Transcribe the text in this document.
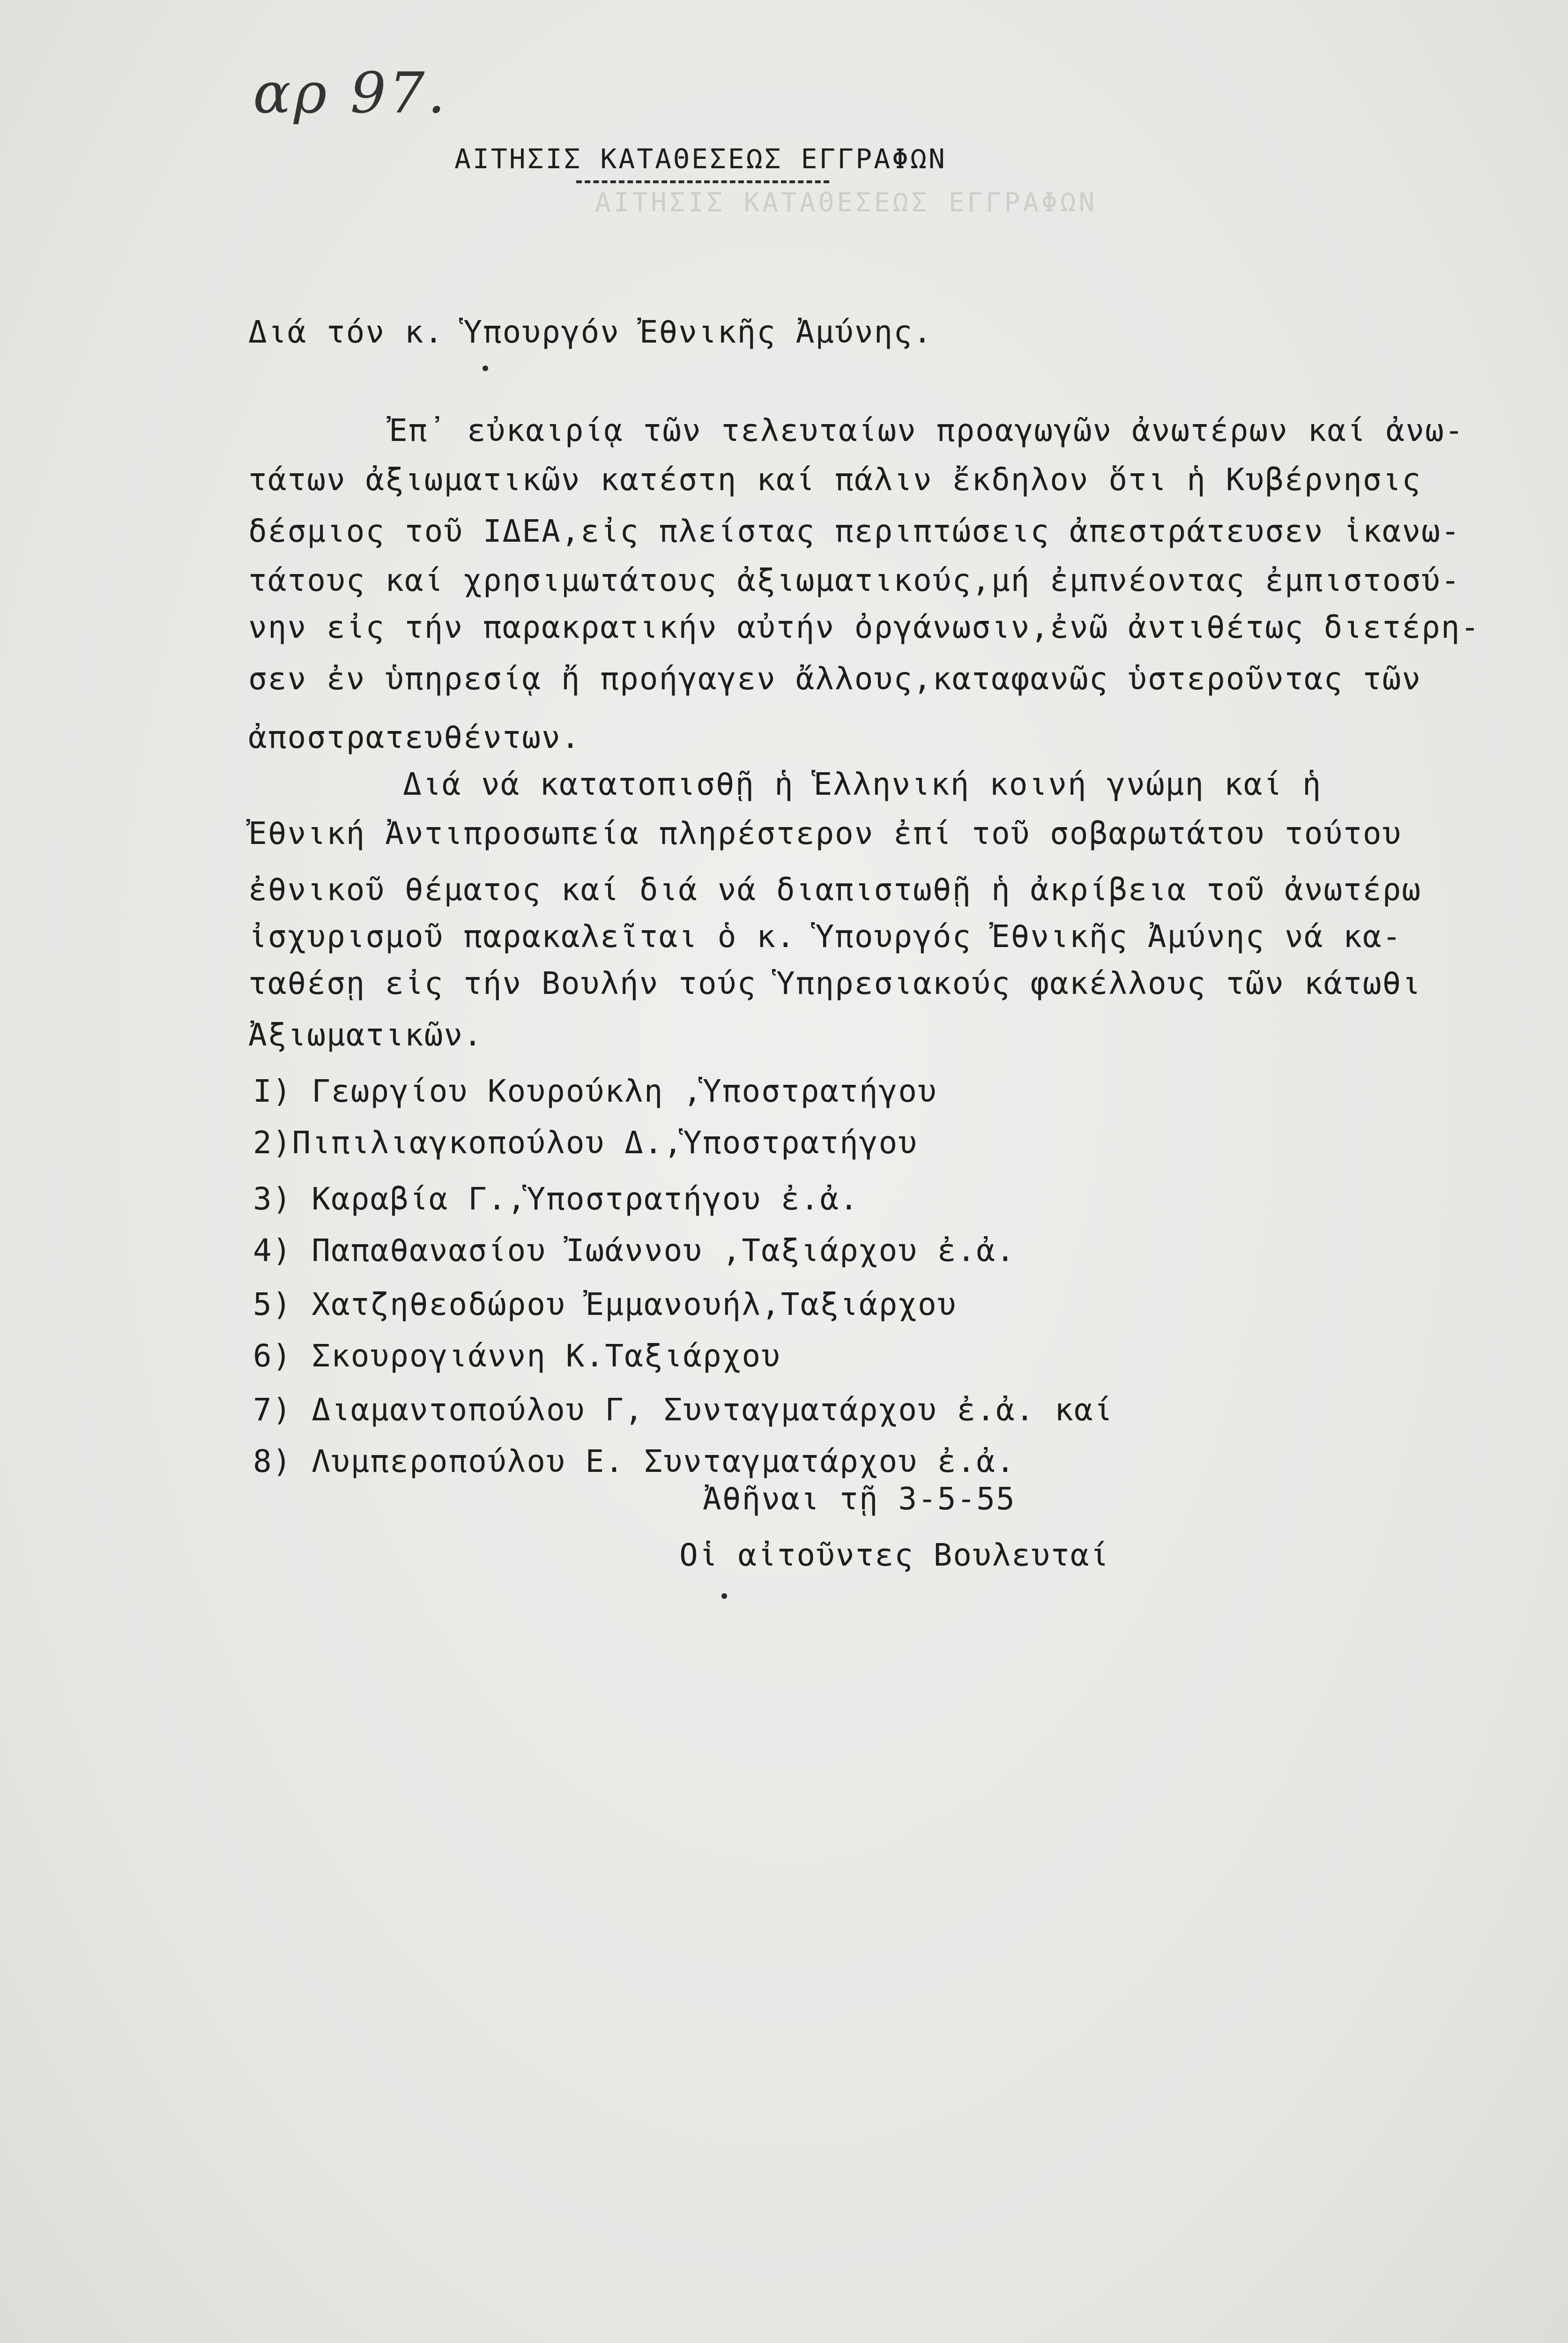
ΑΙΤΗΣΙΣ ΚΑΤΑΘΕΣΕΩΣ ΕΓΓΡΑΦΩΝ
αρ 97.
ΑΙΤΗΣΙΣ ΚΑΤΑΘΕΣΕΩΣ ΕΓΓΡΑΦΩΝ
Διά τόν κ. Ὑπουργόν Ἐθνικῆς Ἀμύνης.
Ἐπ᾽ εὐκαιρίᾳ τῶν τελευταίων προαγωγῶν ἀνωτέρων καί ἀνω-
τάτων ἀξιωματικῶν κατέστη καί πάλιν ἔκδηλον ὅτι ἡ Κυβέρνησις
δέσμιος τοῦ ΙΔΕΑ,εἰς πλείστας περιπτώσεις ἀπεστράτευσεν ἱκανω-
τάτους καί χρησιμωτάτους ἀξιωματικούς,μή ἐμπνέοντας ἐμπιστοσύ-
νην εἰς τήν παρακρατικήν αὐτήν ὀργάνωσιν,ἐνῶ ἀντιθέτως διετέρη-
σεν ἐν ὑπηρεσίᾳ ἤ προήγαγεν ἄλλους,καταφανῶς ὑστεροῦντας τῶν
ἀποστρατευθέντων.
Διά νά κατατοπισθῇ ἡ Ἑλληνική κοινή γνώμη καί ἡ
Ἐθνική Ἀντιπροσωπεία πληρέστερον ἐπί τοῦ σοβαρωτάτου τούτου
ἐθνικοῦ θέματος καί διά νά διαπιστωθῇ ἡ ἀκρίβεια τοῦ ἀνωτέρω
ἰσχυρισμοῦ παρακαλεῖται ὁ κ. Ὑπουργός Ἐθνικῆς Ἀμύνης νά κα-
ταθέσῃ εἰς τήν Βουλήν τούς Ὑπηρεσιακούς φακέλλους τῶν κάτωθι
Ἀξιωματικῶν.
I) Γεωργίου Κουρούκλη ,Ὑποστρατήγου
2)Πιπιλιαγκοπούλου Δ.,Ὑποστρατήγου
3) Καραβία Γ.,Ὑποστρατήγου ἐ.ἀ.
4) Παπαθανασίου Ἰωάννου ,Ταξιάρχου ἐ.ἀ.
5) Χατζηθεοδώρου Ἐμμανουήλ,Ταξιάρχου
6) Σκουρογιάννη Κ.Ταξιάρχου
7) Διαμαντοπούλου Γ, Συνταγματάρχου ἐ.ἀ. καί
8) Λυμπεροπούλου Ε. Συνταγματάρχου ἐ.ἀ.
Ἀθῆναι τῇ 3-5-55
Οἱ αἰτοῦντες Βουλευταί
